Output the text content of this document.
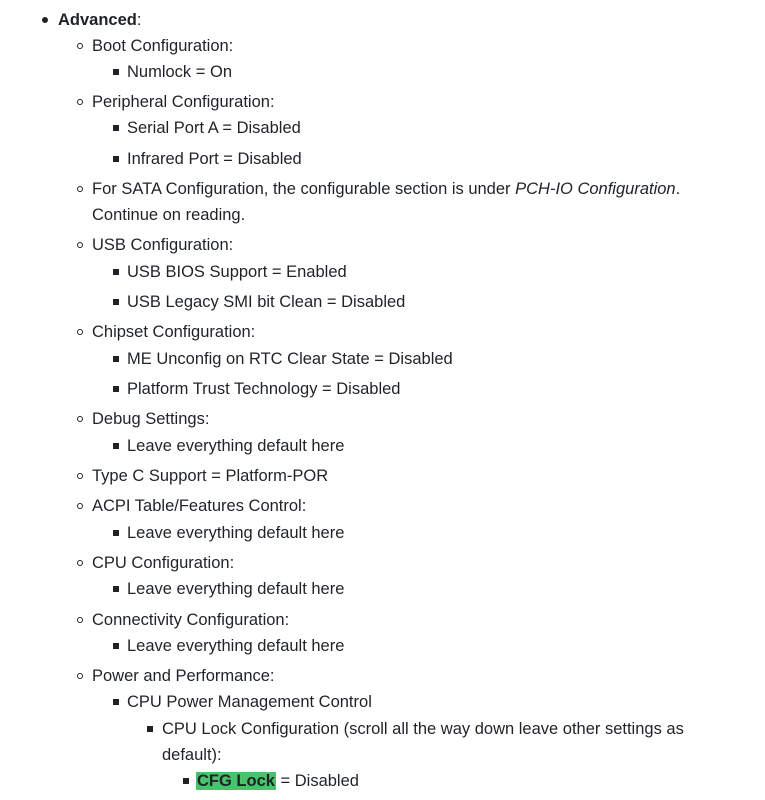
Advanced:
Boot Configuration:
Numlock = On
Peripheral Configuration:
Serial Port A = Disabled
Infrared Port = Disabled
For SATA Configuration, the configurable section is under PCH-IO Configuration.
Continue on reading.
USB Configuration:
USB BIOS Support = Enabled
USB Legacy SMI bit Clean = Disabled
Chipset Configuration:
ME Unconfig on RTC Clear State = Disabled
Platform Trust Technology = Disabled
Debug Settings:
Leave everything default here
Type C Support = Platform-POR
ACPI Table/Features Control:
Leave everything default here
CPU Configuration:
Leave everything default here
Connectivity Configuration:
Leave everything default here
Power and Performance:
CPU Power Management Control
CPU Lock Configuration (scroll all the way down leave other settings as
default):
CFG Lock = Disabled
